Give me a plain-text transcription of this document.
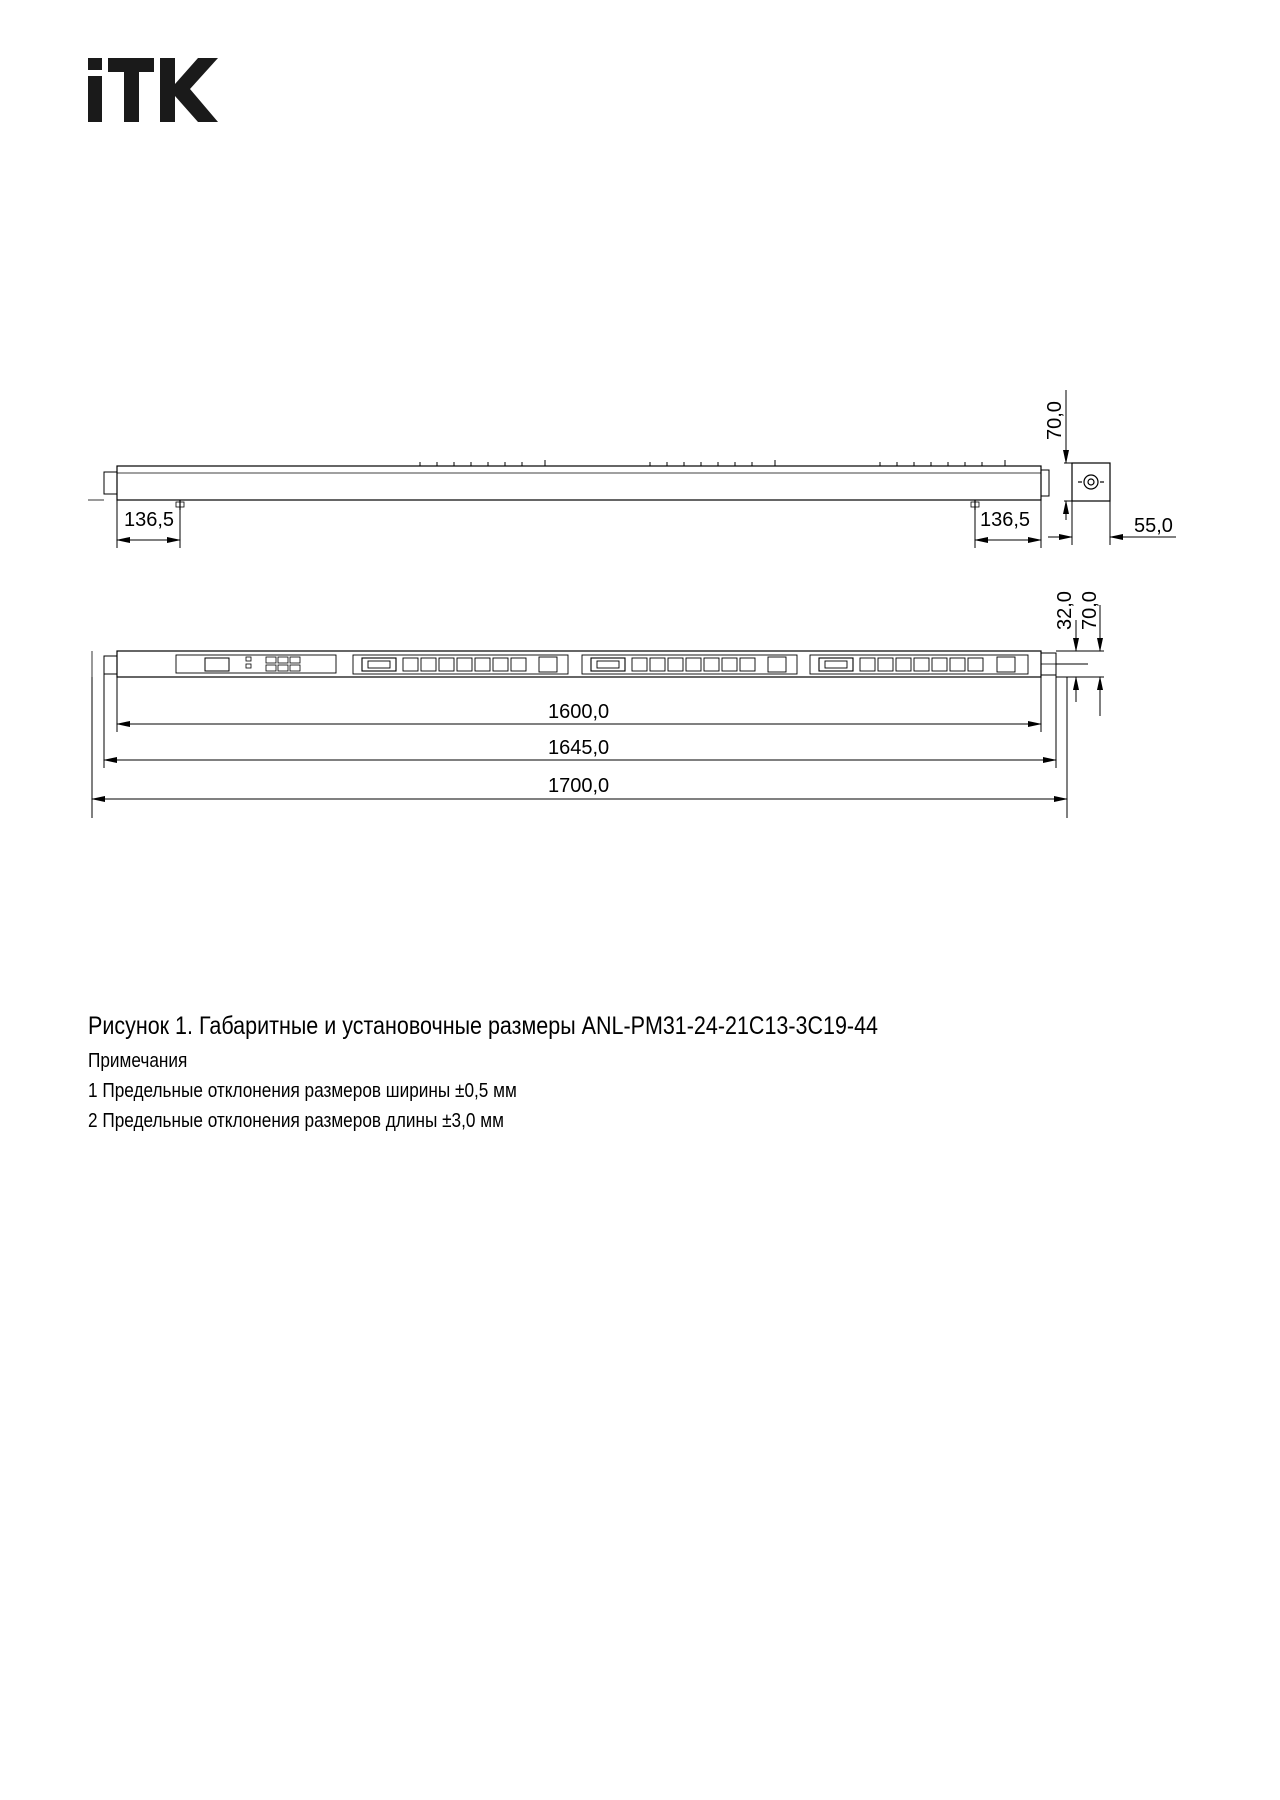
136,5	136,5
70,0
55,0
32,0 70,0
1600,0
1645,0
1700,0
Рисунок 1. Габаритные и установочные размеры ANL-PM31-24-21C13-3C19-44
Примечания
1 Предельные отклонения размеров ширины ±0,5 мм
2 Предельные отклонения размеров длины ±3,0 мм
